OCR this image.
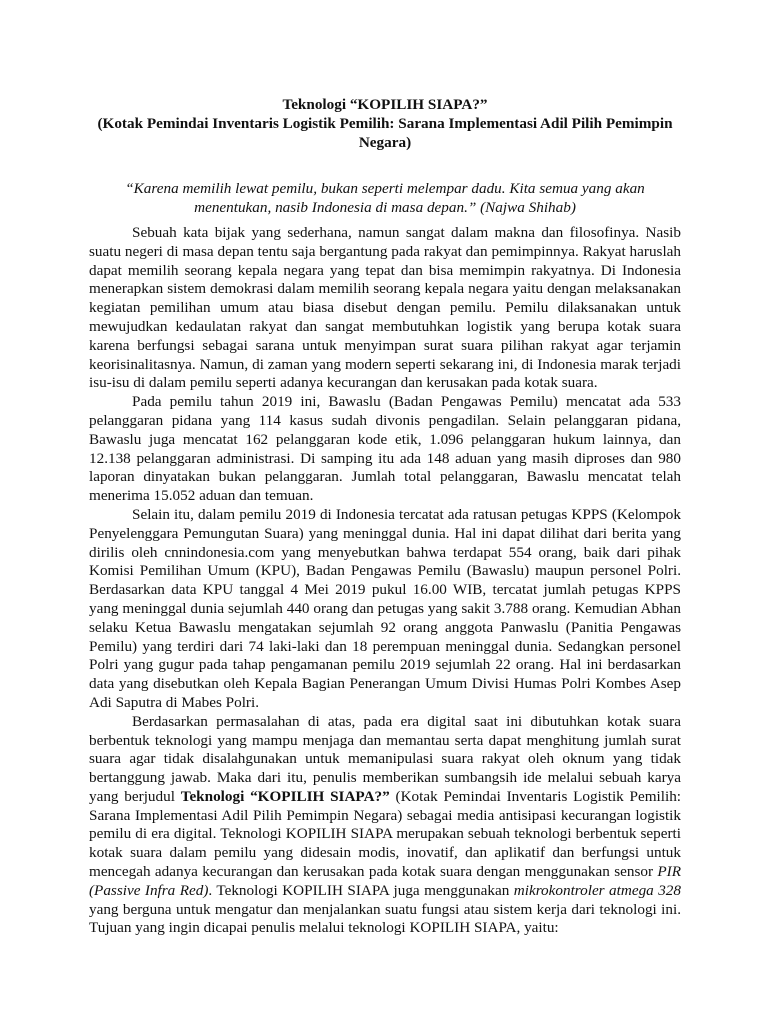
Teknologi “KOPILIH SIAPA?”
(Kotak Pemindai Inventaris Logistik Pemilih: Sarana Implementasi Adil Pilih Pemimpin Negara)

“Karena memilih lewat pemilu, bukan seperti melempar dadu. Kita semua yang akan menentukan, nasib Indonesia di masa depan.” (Najwa Shihab)

Sebuah kata bijak yang sederhana, namun sangat dalam makna dan filosofinya. Nasib suatu negeri di masa depan tentu saja bergantung pada rakyat dan pemimpinnya. Rakyat haruslah dapat memilih seorang kepala negara yang tepat dan bisa memimpin rakyatnya. Di Indonesia menerapkan sistem demokrasi dalam memilih seorang kepala negara yaitu dengan melaksanakan kegiatan pemilihan umum atau biasa disebut dengan pemilu. Pemilu dilaksanakan untuk mewujudkan kedaulatan rakyat dan sangat membutuhkan logistik yang berupa kotak suara karena berfungsi sebagai sarana untuk menyimpan surat suara pilihan rakyat agar terjamin keorisinalitasnya. Namun, di zaman yang modern seperti sekarang ini, di Indonesia marak terjadi isu-isu di dalam pemilu seperti adanya kecurangan dan kerusakan pada kotak suara.

Pada pemilu tahun 2019 ini, Bawaslu (Badan Pengawas Pemilu) mencatat ada 533 pelanggaran pidana yang 114 kasus sudah divonis pengadilan. Selain pelanggaran pidana, Bawaslu juga mencatat 162 pelanggaran kode etik, 1.096 pelanggaran hukum lainnya, dan 12.138 pelanggaran administrasi. Di samping itu ada 148 aduan yang masih diproses dan 980 laporan dinyatakan bukan pelanggaran. Jumlah total pelanggaran, Bawaslu mencatat telah menerima 15.052 aduan dan temuan.

Selain itu, dalam pemilu 2019 di Indonesia tercatat ada ratusan petugas KPPS (Kelompok Penyelenggara Pemungutan Suara) yang meninggal dunia. Hal ini dapat dilihat dari berita yang dirilis oleh cnnindonesia.com yang menyebutkan bahwa terdapat 554 orang, baik dari pihak Komisi Pemilihan Umum (KPU), Badan Pengawas Pemilu (Bawaslu) maupun personel Polri. Berdasarkan data KPU tanggal 4 Mei 2019 pukul 16.00 WIB, tercatat jumlah petugas KPPS yang meninggal dunia sejumlah 440 orang dan petugas yang sakit 3.788 orang. Kemudian Abhan selaku Ketua Bawaslu mengatakan sejumlah 92 orang anggota Panwaslu (Panitia Pengawas Pemilu) yang terdiri dari 74 laki-laki dan 18 perempuan meninggal dunia. Sedangkan personel Polri yang gugur pada tahap pengamanan pemilu 2019 sejumlah 22 orang. Hal ini berdasarkan data yang disebutkan oleh Kepala Bagian Penerangan Umum Divisi Humas Polri Kombes Asep Adi Saputra di Mabes Polri.

Berdasarkan permasalahan di atas, pada era digital saat ini dibutuhkan kotak suara berbentuk teknologi yang mampu menjaga dan memantau serta dapat menghitung jumlah surat suara agar tidak disalahgunakan untuk memanipulasi suara rakyat oleh oknum yang tidak bertanggung jawab. Maka dari itu, penulis memberikan sumbangsih ide melalui sebuah karya yang berjudul Teknologi “KOPILIH SIAPA?” (Kotak Pemindai Inventaris Logistik Pemilih: Sarana Implementasi Adil Pilih Pemimpin Negara) sebagai media antisipasi kecurangan logistik pemilu di era digital. Teknologi KOPILIH SIAPA merupakan sebuah teknologi berbentuk seperti kotak suara dalam pemilu yang didesain modis, inovatif, dan aplikatif dan berfungsi untuk mencegah adanya kecurangan dan kerusakan pada kotak suara dengan menggunakan sensor PIR (Passive Infra Red). Teknologi KOPILIH SIAPA juga menggunakan mikrokontroler atmega 328 yang berguna untuk mengatur dan menjalankan suatu fungsi atau sistem kerja dari teknologi ini. Tujuan yang ingin dicapai penulis melalui teknologi KOPILIH SIAPA, yaitu:
